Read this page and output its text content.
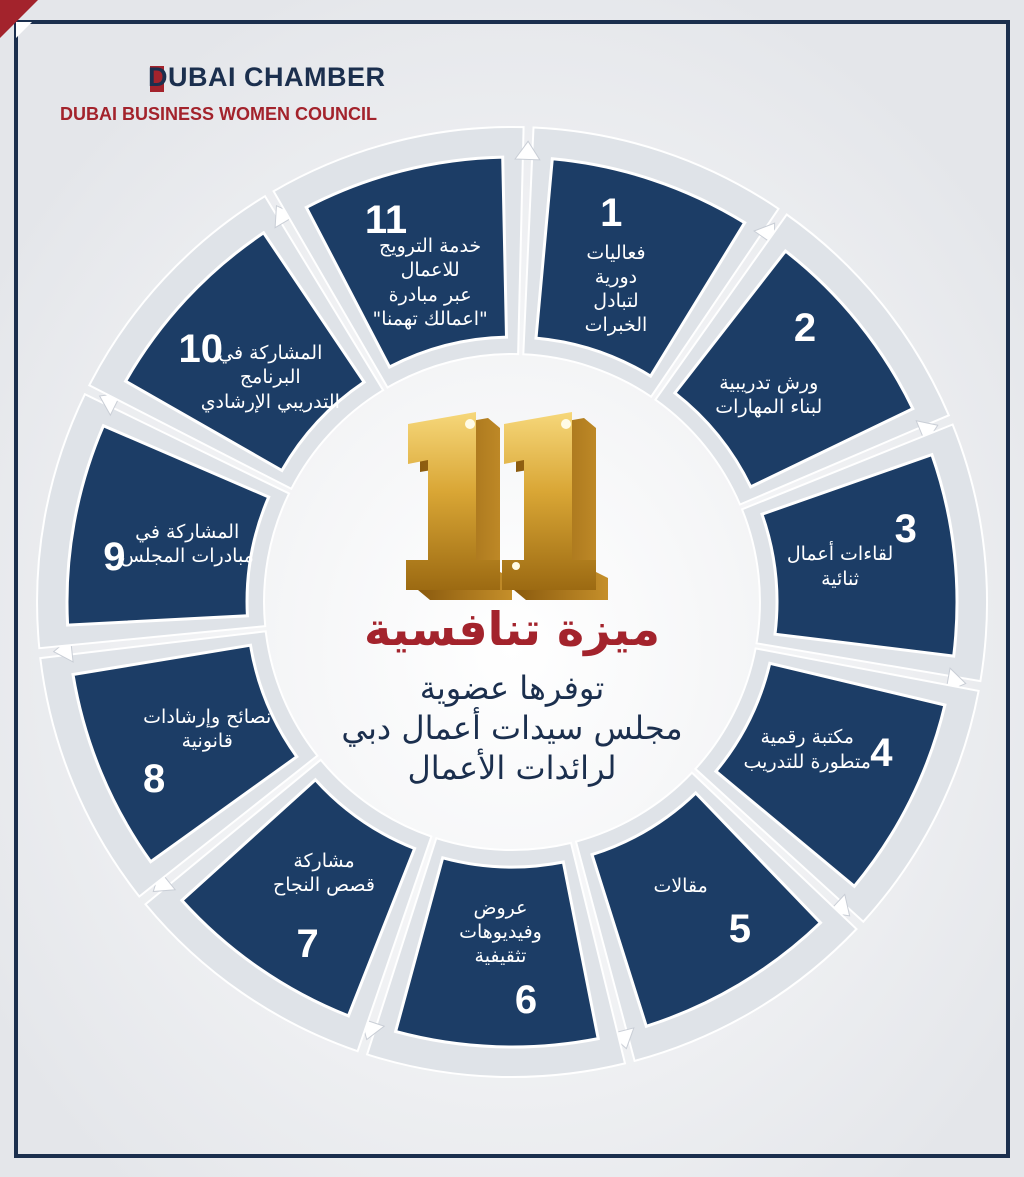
DUBAI CHAMBER
DUBAI BUSINESS WOMEN COUNCIL
1
فعاليات
دورية
لتبادل
الخبرات	2
ورش تدريبية
لبناء المهارات
3
لقاءات أعمال
ثنائية
4
مكتبة رقمية
متطورة للتدريب
5
مقالات
6
عروض
وفيديوهات
تثقيفية
7
مشاركة
قصص النجاح
8
نصائح وإرشادات
قانونية
9
المشاركة في
مبادرات المجلس
10	المشاركة في
البرنامج
التدريبي الإرشادي
11
خدمة الترويج
للاعمال
عبر مبادرة
"اعمالك تهمنا"
ميزة تنافسية
توفرها عضوية
مجلس سيدات أعمال دبي
لرائدات الأعمال
